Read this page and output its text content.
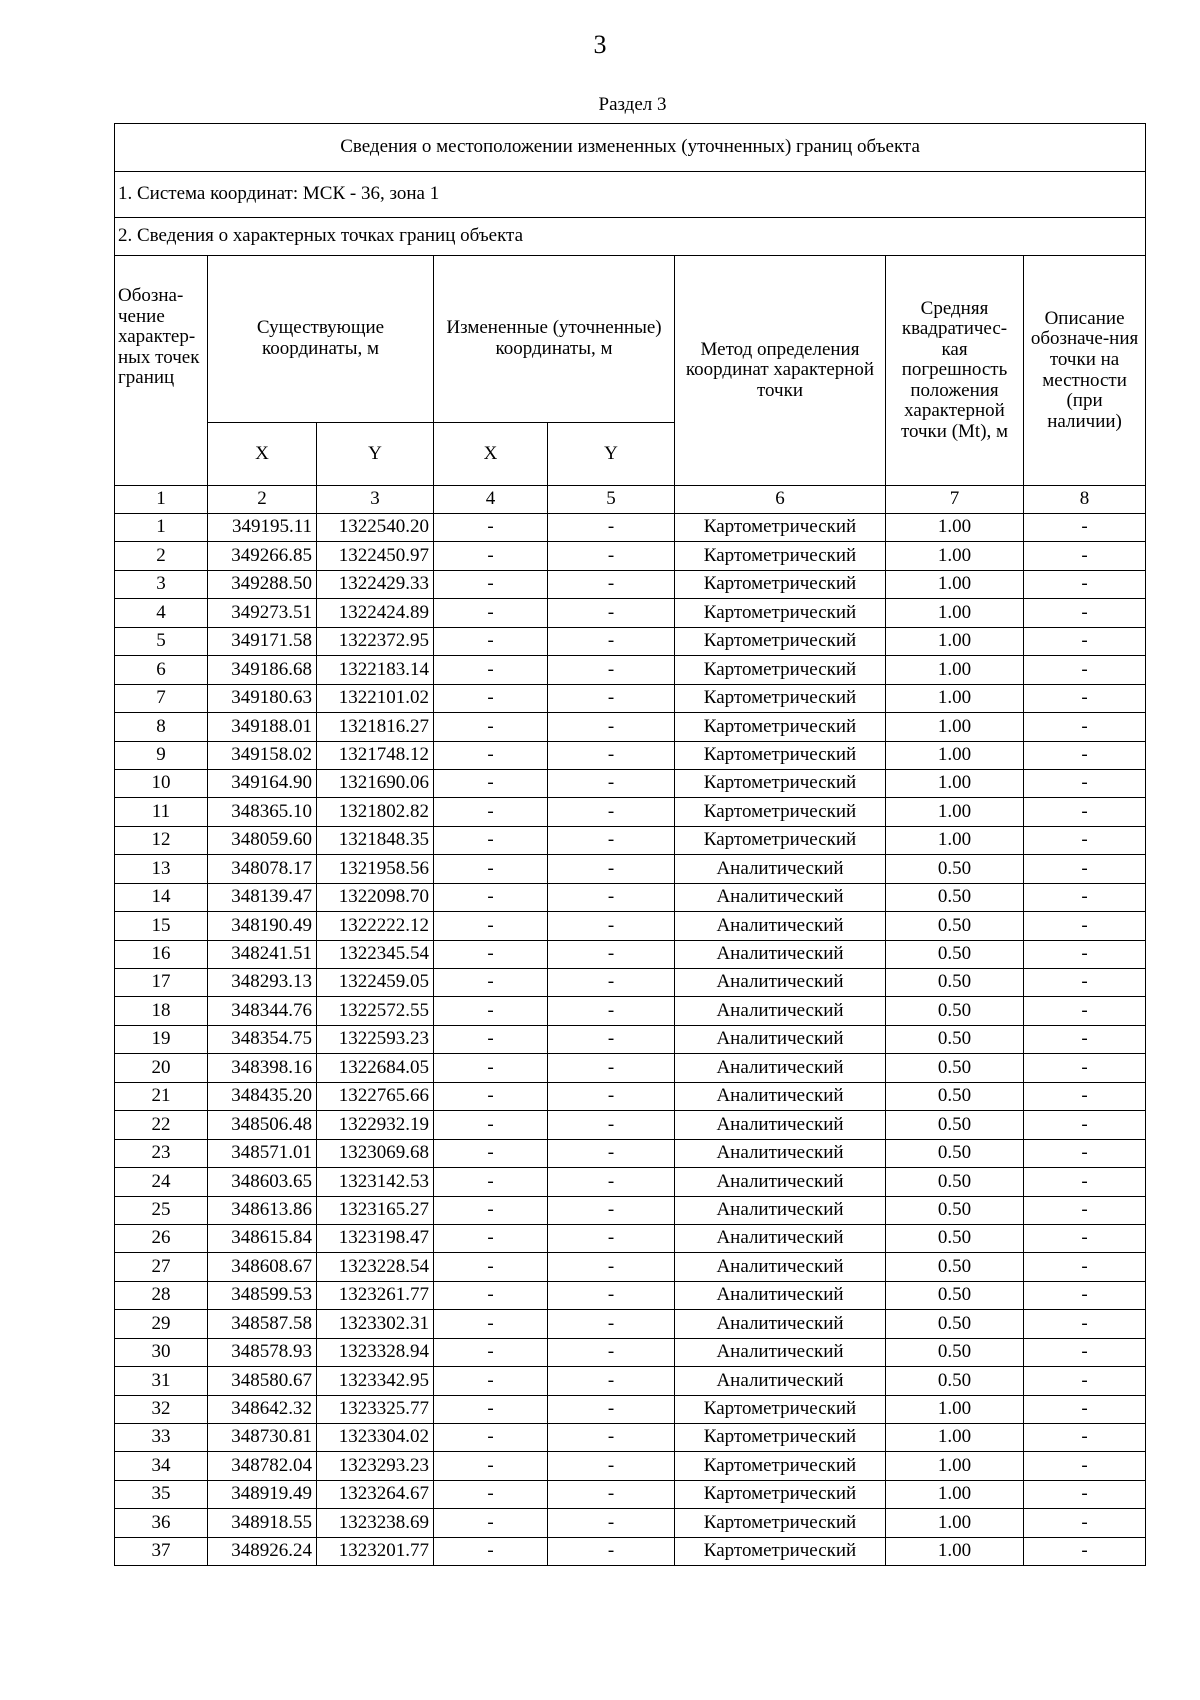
3
Раздел 3
Сведения о местоположении измененных (уточненных) границ объекта							
1. Система координат: МСК - 36, зона 1							
2. Сведения о характерных точках границ объекта							
Обозна-чение характер-ных точек границ	Существующие координаты, м		Измененные (уточненные) координаты, м		Метод определения координат характерной точки	Средняя квадратичес-кая погрешность положения характерной точки (Mt), м	Описание обозначе-ния точки на местности (при наличии)
	X	Y	X	Y			
1	2	3	4	5	6	7	8
1	349195.11	1322540.20	-	-	Картометрический	1.00	-
2	349266.85	1322450.97	-	-	Картометрический	1.00	-
3	349288.50	1322429.33	-	-	Картометрический	1.00	-
4	349273.51	1322424.89	-	-	Картометрический	1.00	-
5	349171.58	1322372.95	-	-	Картометрический	1.00	-
6	349186.68	1322183.14	-	-	Картометрический	1.00	-
7	349180.63	1322101.02	-	-	Картометрический	1.00	-
8	349188.01	1321816.27	-	-	Картометрический	1.00	-
9	349158.02	1321748.12	-	-	Картометрический	1.00	-
10	349164.90	1321690.06	-	-	Картометрический	1.00	-
11	348365.10	1321802.82	-	-	Картометрический	1.00	-
12	348059.60	1321848.35	-	-	Картометрический	1.00	-
13	348078.17	1321958.56	-	-	Аналитический	0.50	-
14	348139.47	1322098.70	-	-	Аналитический	0.50	-
15	348190.49	1322222.12	-	-	Аналитический	0.50	-
16	348241.51	1322345.54	-	-	Аналитический	0.50	-
17	348293.13	1322459.05	-	-	Аналитический	0.50	-
18	348344.76	1322572.55	-	-	Аналитический	0.50	-
19	348354.75	1322593.23	-	-	Аналитический	0.50	-
20	348398.16	1322684.05	-	-	Аналитический	0.50	-
21	348435.20	1322765.66	-	-	Аналитический	0.50	-
22	348506.48	1322932.19	-	-	Аналитический	0.50	-
23	348571.01	1323069.68	-	-	Аналитический	0.50	-
24	348603.65	1323142.53	-	-	Аналитический	0.50	-
25	348613.86	1323165.27	-	-	Аналитический	0.50	-
26	348615.84	1323198.47	-	-	Аналитический	0.50	-
27	348608.67	1323228.54	-	-	Аналитический	0.50	-
28	348599.53	1323261.77	-	-	Аналитический	0.50	-
29	348587.58	1323302.31	-	-	Аналитический	0.50	-
30	348578.93	1323328.94	-	-	Аналитический	0.50	-
31	348580.67	1323342.95	-	-	Аналитический	0.50	-
32	348642.32	1323325.77	-	-	Картометрический	1.00	-
33	348730.81	1323304.02	-	-	Картометрический	1.00	-
34	348782.04	1323293.23	-	-	Картометрический	1.00	-
35	348919.49	1323264.67	-	-	Картометрический	1.00	-
36	348918.55	1323238.69	-	-	Картометрический	1.00	-
37	348926.24	1323201.77	-	-	Картометрический	1.00	-
